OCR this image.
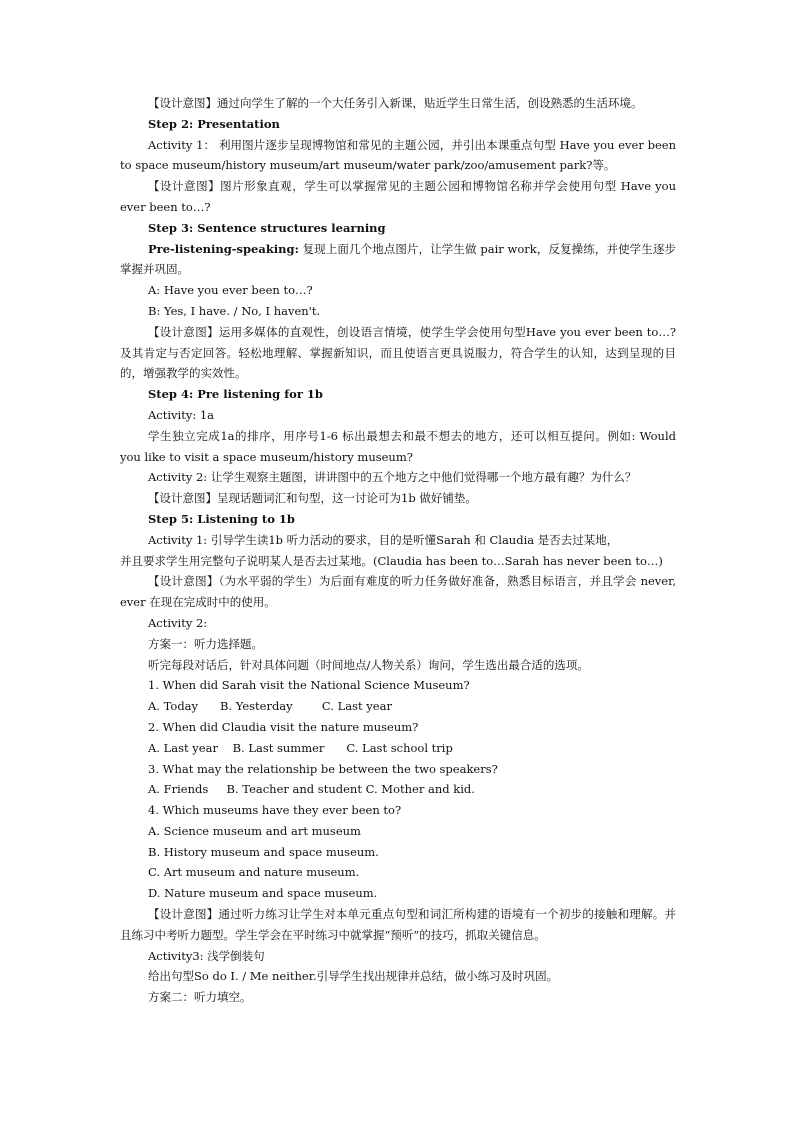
【设计意图】通过向学生了解的一个大任务引入新课，贴近学生日常生活，创设熟悉的生活环境。

Step 2: Presentation

Activity 1： 利用图片逐步呈现博物馆和常见的主题公园，并引出本课重点句型 Have you ever been to space museum/history museum/art museum/water park/zoo/amusement park?等。

【设计意图】图片形象直观，学生可以掌握常见的主题公园和博物馆名称并学会使用句型 Have you ever been to…?

Step 3: Sentence structures learning

Pre-listening-speaking: 复现上面几个地点图片，让学生做 pair work，反复操练，并使学生逐步掌握并巩固。

A: Have you ever been to…?

B: Yes, I have. / No, I haven't.

【设计意图】运用多媒体的直观性，创设语言情境，使学生学会使用句型Have you ever been to…?及其肯定与否定回答。轻松地理解、掌握新知识，而且使语言更具说服力，符合学生的认知，达到呈现的目的，增强教学的实效性。

Step 4: Pre listening for 1b

Activity: 1a

学生独立完成1a的排序，用序号1-6 标出最想去和最不想去的地方，还可以相互提问。例如: Would you like to visit a space museum/history museum?

Activity 2: 让学生观察主题图，讲讲图中的五个地方之中他们觉得哪一个地方最有趣？为什么？

【设计意图】呈现话题词汇和句型，这一讨论可为1b 做好铺垫。

Step 5: Listening to 1b

Activity 1: 引导学生读1b 听力活动的要求，目的是听懂Sarah 和 Claudia 是否去过某地，

并且要求学生用完整句子说明某人是否去过某地。(Claudia has been to…Sarah has never been to…)

【设计意图】（为水平弱的学生）为后面有难度的听力任务做好准备，熟悉目标语言，并且学会 never, ever 在现在完成时中的使用。

Activity 2:

方案一：听力选择题。

听完每段对话后，针对具体问题（时间地点/人物关系）询问，学生选出最合适的选项。

1. When did Sarah visit the National Science Museum?

A. Today      B. Yesterday        C. Last year

2. When did Claudia visit the nature museum?

A. Last year    B. Last summer      C. Last school trip

3. What may the relationship be between the two speakers?

A. Friends     B. Teacher and student C. Mother and kid.

4. Which museums have they ever been to?

A. Science museum and art museum

B. History museum and space museum.

C. Art museum and nature museum.

D. Nature museum and space museum.

【设计意图】通过听力练习让学生对本单元重点句型和词汇所构建的语境有一个初步的接触和理解。并且练习中考听力题型。学生学会在平时练习中就掌握“预听”的技巧，抓取关键信息。

Activity3: 浅学倒装句

给出句型So do I. / Me neither.引导学生找出规律并总结，做小练习及时巩固。

方案二：听力填空。
